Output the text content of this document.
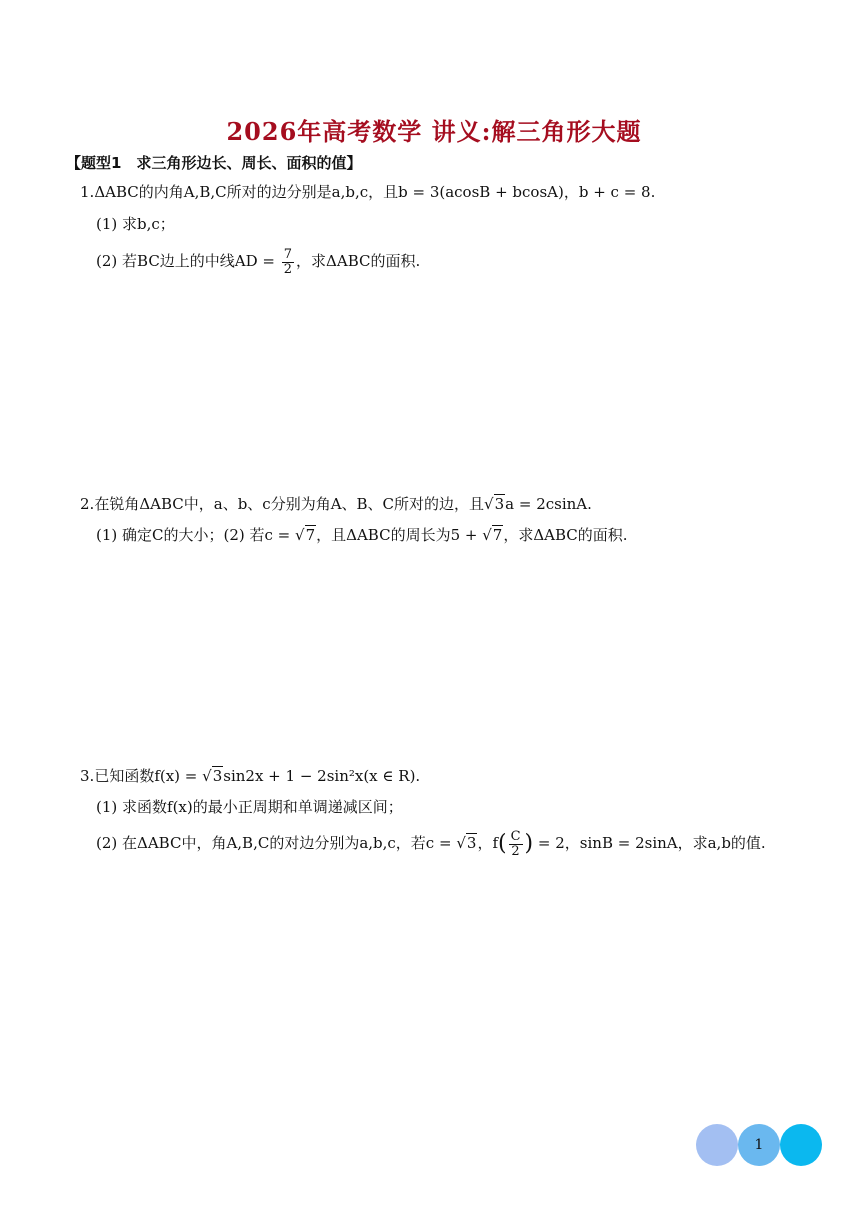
2026年高考数学 讲义:解三角形大题
【题型1　求三角形边长、周长、面积的值】
1.ΔABC的内角A,B,C所对的边分别是a,b,c，且b = 3(acosB + bcosA)，b + c = 8.
(1) 求b,c；
(2) 若BC边上的中线AD = $\frac{7}{2}$ ，求ΔABC的面积.
2.在锐角ΔABC中，a、b、c分别为角A、B、C所对的边，且√3a = 2csinA.
(1) 确定C的大小；(2) 若c = √7，且ΔABC的周长为5 + √7，求ΔABC的面积.
3.已知函数f(x) = √3sin2x + 1 − 2sin²x(x ∈ R).
(1) 求函数f(x)的最小正周期和单调递减区间；
(2) 在ΔABC中，角A,B,C的对边分别为a,b,c，若c = √3，$f( \frac{C}{2}$ ) = 2，sinB = 2sinA，求a,b的值.
1
